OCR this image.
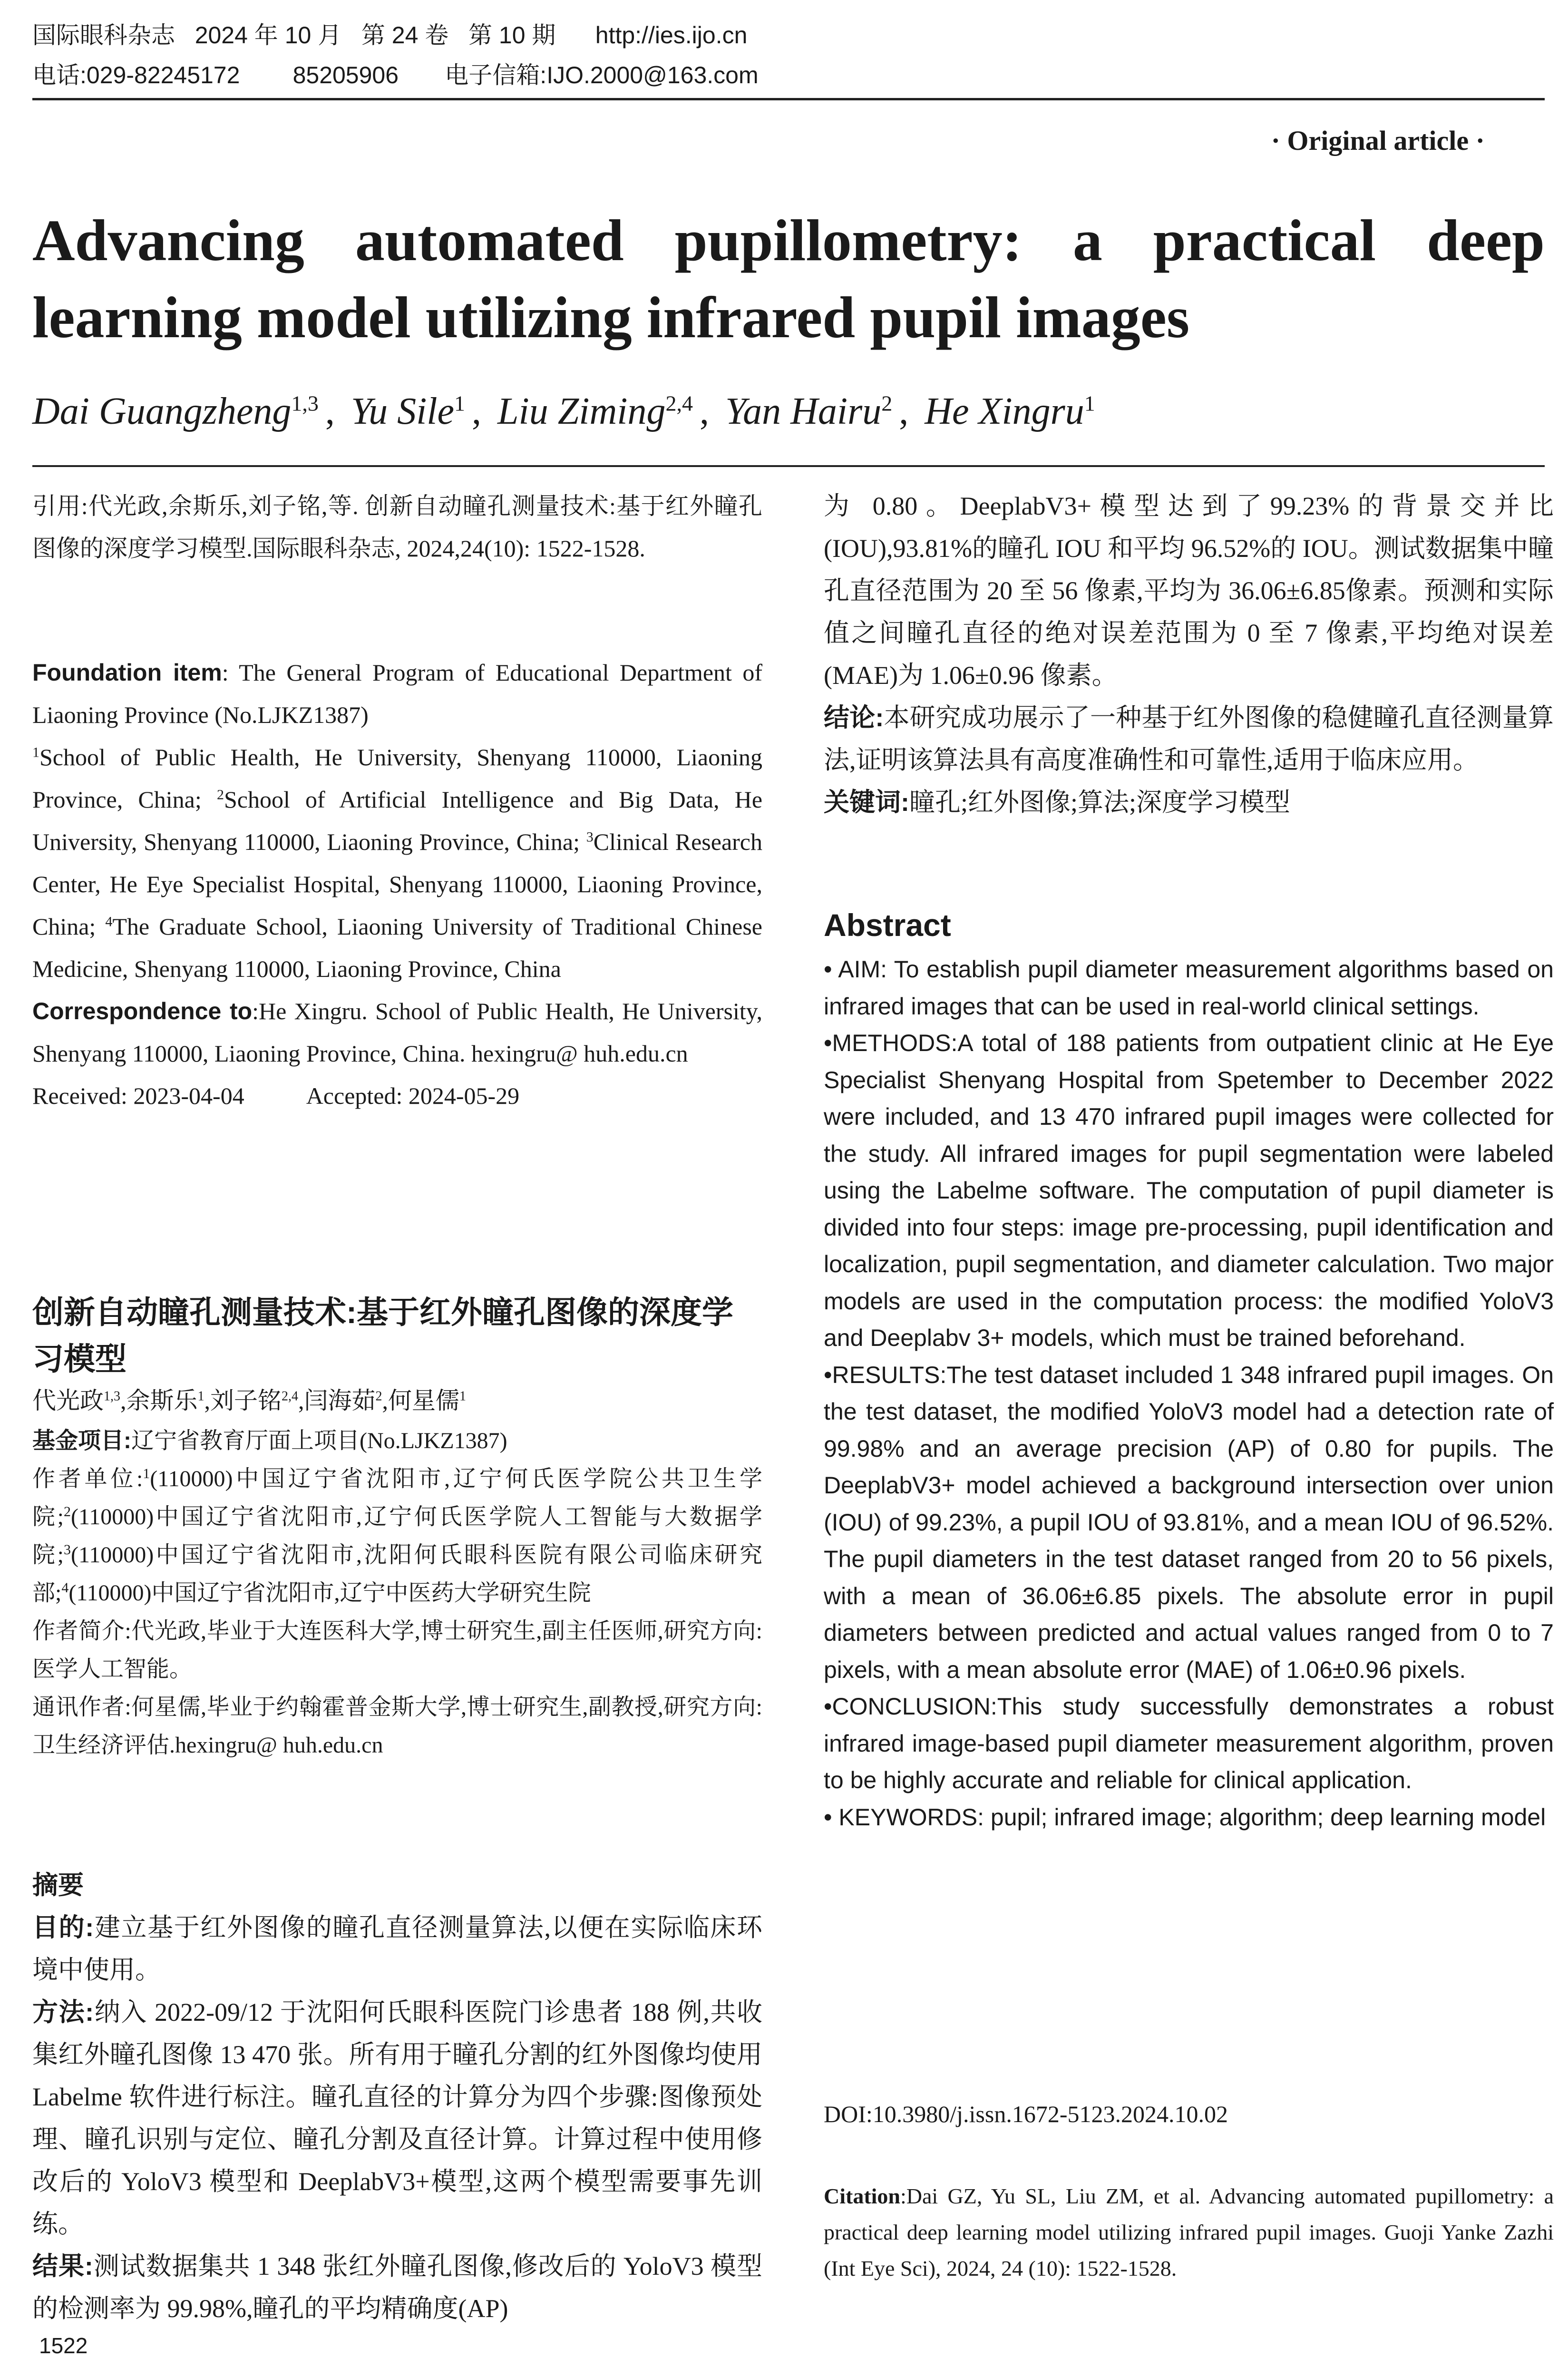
国际眼科杂志 2024 年 10 月 第 24 卷 第 10 期 http://ies.ijo.cn
电话:029-82245172 85205906 电子信箱:IJO.2000@163.com
· Original article ·
Advancing automated pupillometry: a practical deep learning model utilizing infrared pupil images
Dai Guangzheng$^{1,3}$ , Yu Sile$^1$ , Liu Ziming$^{2,4}$ , Yan Hairu$^2$ , He Xingru$^1$

引用:代光政,余斯乐,刘子铭,等. 创新自动瞳孔测量技术:基于红外瞳孔图像的深度学习模型.国际眼科杂志, 2024,24(10): 1522-1528.

Foundation item: The General Program of Educational Department of Liaoning Province (No.LJKZ1387)

$^1$School of Public Health, He University, Shenyang 110000, Liaoning Province, China; $^2$School of Artificial Intelligence and Big Data, He University, Shenyang 110000, Liaoning Province, China; $^3$Clinical Research Center, He Eye Specialist Hospital, Shenyang 110000, Liaoning Province, China; $^4$The Graduate School, Liaoning University of Traditional Chinese Medicine, Shenyang 110000, Liaoning Province, China

Correspondence to:He Xingru. School of Public Health, He University, Shenyang 110000, Liaoning Province, China. hexingru@ huh.edu.cn

Received: 2023-04-04	Accepted: 2024-05-29

创新自动瞳孔测量技术:基于红外瞳孔图像的深度学习模型

代光政$^{1,3}$,余斯乐$^1$,刘子铭$^{2,4}$,闫海茹$^2$,何星儒$^1$

基金项目:辽宁省教育厅面上项目(No.LJKZ1387)

作者单位:$^1$(110000)中国辽宁省沈阳市,辽宁何氏医学院公共卫生学院;$^2$(110000)中国辽宁省沈阳市,辽宁何氏医学院人工智能与大数据学院;$^3$(110000)中国辽宁省沈阳市,沈阳何氏眼科医院有限公司临床研究部;$^4$(110000)中国辽宁省沈阳市,辽宁中医药大学研究生院

作者简介:代光政,毕业于大连医科大学,博士研究生,副主任医师,研究方向:医学人工智能。

通讯作者:何星儒,毕业于约翰霍普金斯大学,博士研究生,副教授,研究方向:卫生经济评估.hexingru@ huh.edu.cn

摘要

目的:建立基于红外图像的瞳孔直径测量算法,以便在实际临床环境中使用。

方法:纳入 2022-09/12 于沈阳何氏眼科医院门诊患者 188 例,共收集红外瞳孔图像 13 470 张。所有用于瞳孔分割的红外图像均使用 Labelme 软件进行标注。瞳孔直径的计算分为四个步骤:图像预处理、瞳孔识别与定位、瞳孔分割及直径计算。计算过程中使用修改后的 YoloV3 模型和 DeeplabV3+模型,这两个模型需要事先训练。

结果:测试数据集共 1 348 张红外瞳孔图像,修改后的 YoloV3 模型的检测率为 99.98%,瞳孔的平均精确度(AP)

为 0.80。DeeplabV3+模型达到了99.23%的背景交并比(IOU),93.81%的瞳孔 IOU 和平均 96.52%的 IOU。测试数据集中瞳孔直径范围为 20 至 56 像素,平均为 36.06±6.85像素。预测和实际值之间瞳孔直径的绝对误差范围为 0 至 7 像素,平均绝对误差(MAE)为 1.06±0.96 像素。

结论:本研究成功展示了一种基于红外图像的稳健瞳孔直径测量算法,证明该算法具有高度准确性和可靠性,适用于临床应用。

关键词:瞳孔;红外图像;算法;深度学习模型

Abstract

• AIM: To establish pupil diameter measurement algorithms based on infrared images that can be used in real-world clinical settings.

•METHODS:A total of 188 patients from outpatient clinic at He Eye Specialist Shenyang Hospital from Spetember to December 2022 were included, and 13 470 infrared pupil images were collected for the study. All infrared images for pupil segmentation were labeled using the Labelme software. The computation of pupil diameter is divided into four steps: image pre-processing, pupil identification and localization, pupil segmentation, and diameter calculation. Two major models are used in the computation process: the modified YoloV3 and Deeplabv 3+ models, which must be trained beforehand.

•RESULTS:The test dataset included 1 348 infrared pupil images. On the test dataset, the modified YoloV3 model had a detection rate of 99.98% and an average precision (AP) of 0.80 for pupils. The DeeplabV3+ model achieved a background intersection over union (IOU) of 99.23%, a pupil IOU of 93.81%, and a mean IOU of 96.52%. The pupil diameters in the test dataset ranged from 20 to 56 pixels, with a mean of 36.06±6.85 pixels. The absolute error in pupil diameters between predicted and actual values ranged from 0 to 7 pixels, with a mean absolute error (MAE) of 1.06±0.96 pixels.

•CONCLUSION:This study successfully demonstrates a robust infrared image-based pupil diameter measurement algorithm, proven to be highly accurate and reliable for clinical application.

• KEYWORDS: pupil; infrared image; algorithm; deep learning model

DOI:10.3980/j.issn.1672-5123.2024.10.02

Citation:Dai GZ, Yu SL, Liu ZM, et al. Advancing automated pupillometry: a practical deep learning model utilizing infrared pupil images. Guoji Yanke Zazhi (Int Eye Sci), 2024, 24 (10): 1522-1528.

1522
